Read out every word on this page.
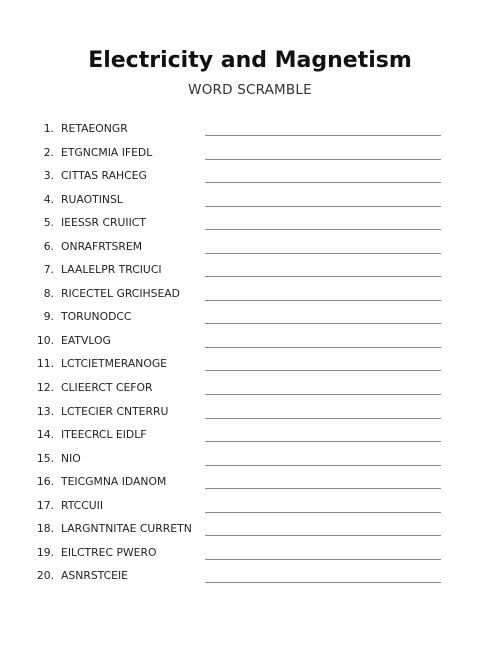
Electricity and Magnetism
WORD SCRAMBLE
1. RETAEONGR
2. ETGNCMIA IFEDL
3. CITTAS RAHCEG
4. RUAOTINSL
5. IEESSR CRUIICT
6. ONRAFRTSREM
7. LAALELPR TRCIUCI
8. RICECTEL GRCIHSEAD
9. TORUNODCC
10. EATVLOG
11. LCTCIETMERANOGE
12. CLIEERCT CEFOR
13. LCTECIER CNTERRU
14. ITEECRCL EIDLF
15. NIO
16. TEICGMNA IDANOM
17. RTCCUII
18. LARGNTNITAE CURRETN
19. EILCTREC PWERO
20. ASNRSTCEIE
